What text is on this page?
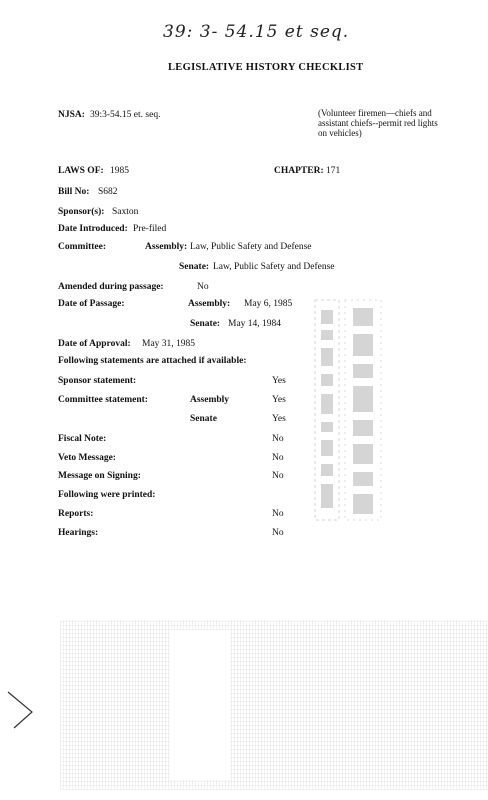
39: 3- 54.15 et seq.
LEGISLATIVE HISTORY CHECKLIST
NJSA: 39:3-54.15 et. seq.	(Volunteer firemen—chiefs and assistant chiefs--permit red lights on vehicles)
LAWS OF: 1985	CHAPTER: 171
Bill No: S682
Sponsor(s): Saxton
Date Introduced: Pre-filed
Committee:	Assembly: Law, Public Safety and Defense
Senate: Law, Public Safety and Defense
Amended during passage:	No
Date of Passage:	Assembly: May 6, 1985
Senate: May 14, 1984
Date of Approval: May 31, 1985
Following statements are attached if available:
Sponsor statement:	Yes
Committee statement:	Assembly	Yes
Senate	Yes
Fiscal Note:	No
Veto Message:	No
Message on Signing:	No
Following were printed:
Reports:	No
Hearings:	No
